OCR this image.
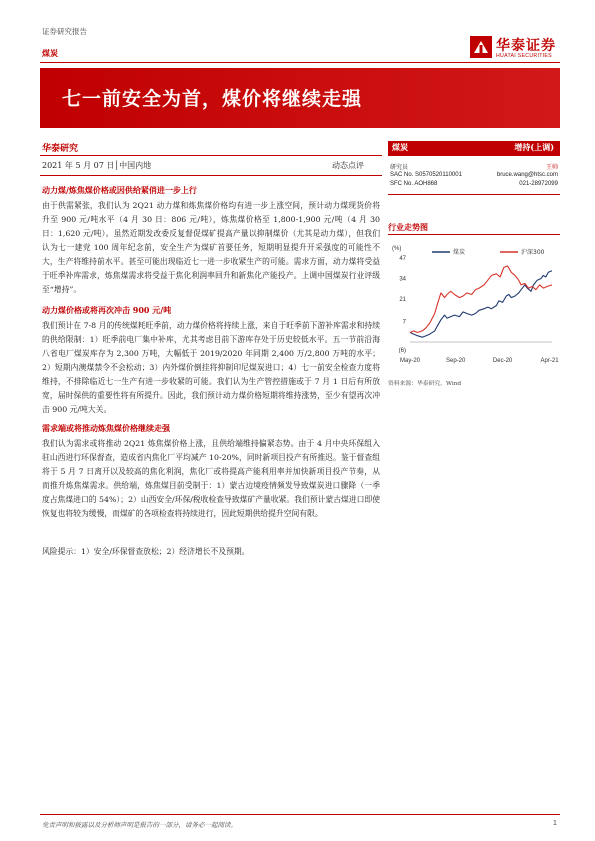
证券研究报告
煤炭	华泰证券
HUATAI SECURITIES
七一前安全为首，煤价将继续走强
华泰研究
2021 年 5 月 07 日│中国内地	动态点评
动力煤/炼焦煤价格或因供给紧俏进一步上行
由于供需紧张，我们认为 2Q21 动力煤和炼焦煤价格均有进一步上涨空间，预计动力煤现货价将升至 900 元/吨水平（4 月 30 日：806 元/吨），炼焦煤价格至 1,800-1,900 元/吨（4 月 30 日：1,620 元/吨）。虽然近期发改委反复督促煤矿提高产量以抑制煤价（尤其是动力煤），但我们认为七一建党 100 周年纪念前，安全生产为煤矿首要任务，短期明显提升开采强度的可能性不大，生产将维持前水平。甚至可能出现临近七一进一步收紧生产的可能。需求方面，动力煤将受益于旺季补库需求，炼焦煤需求将受益于焦化利润率回升和新焦化产能投产。上调中国煤炭行业评级至“增持”。
动力煤价格或将再次冲击 900 元/吨
我们预计在 7-8 月的传统煤耗旺季前，动力煤价格将持续上涨，来自于旺季前下游补库需求和持续的供给限制：1）旺季前电厂集中补库，尤其考虑目前下游库存处于历史较低水平。五一节前沿海八省电厂煤炭库存为 2,300 万吨，大幅低于 2019/2020 年同期 2,400 万/2,800 万吨的水平；2）短期内澳煤禁令不会松动；3）内外煤价倒挂将抑制印尼煤炭进口；4）七一前安全检查力度将维持，不排除临近七一生产有进一步收紧的可能。我们认为生产管控措施或于 7 月 1 日后有所放宽，届时保供的重要性将有所提升。因此，我们预计动力煤价格短期将维持涨势，至少有望再次冲击 900 元/吨大关。
需求端或将推动炼焦煤价格继续走强
我们认为需求或将推动 2Q21 炼焦煤价格上涨，且供给端维持偏紧态势。由于 4 月中央环保组入驻山西进行环保督查，造成省内焦化厂平均减产 10-20%，同时新项目投产有所推迟。鉴于督查组将于 5 月 7 日离开以及较高的焦化利润，焦化厂或将提高产能利用率并加快新项目投产节奏，从而推升炼焦煤需求。供给端，炼焦煤目前受制于：1）蒙古边境疫情频发导致煤炭进口骤降（一季度占焦煤进口的 54%）；2）山西安全/环保/税收检查导致煤矿产量收紧。我们预计蒙古煤进口即使恢复也将较为缓慢，而煤矿的各项检查将持续进行，因此短期供给提升空间有限。
风险提示：1）安全/环保督查放松；2）经济增长不及预期。
煤炭	增持(上调)
研究员	王帅
SAC No. S0570520110001	bruce.wang@htsc.com
SFC No. AOH868	021-28972099
行业走势图
(%)	煤炭	沪深300
47
34
21
7
(6)
May-20	Sep-20	Dec-20	Apr-21
资料来源：华泰研究，Wind
免责声明和披露以及分析师声明是报告的一部分，请务必一起阅读。	1
